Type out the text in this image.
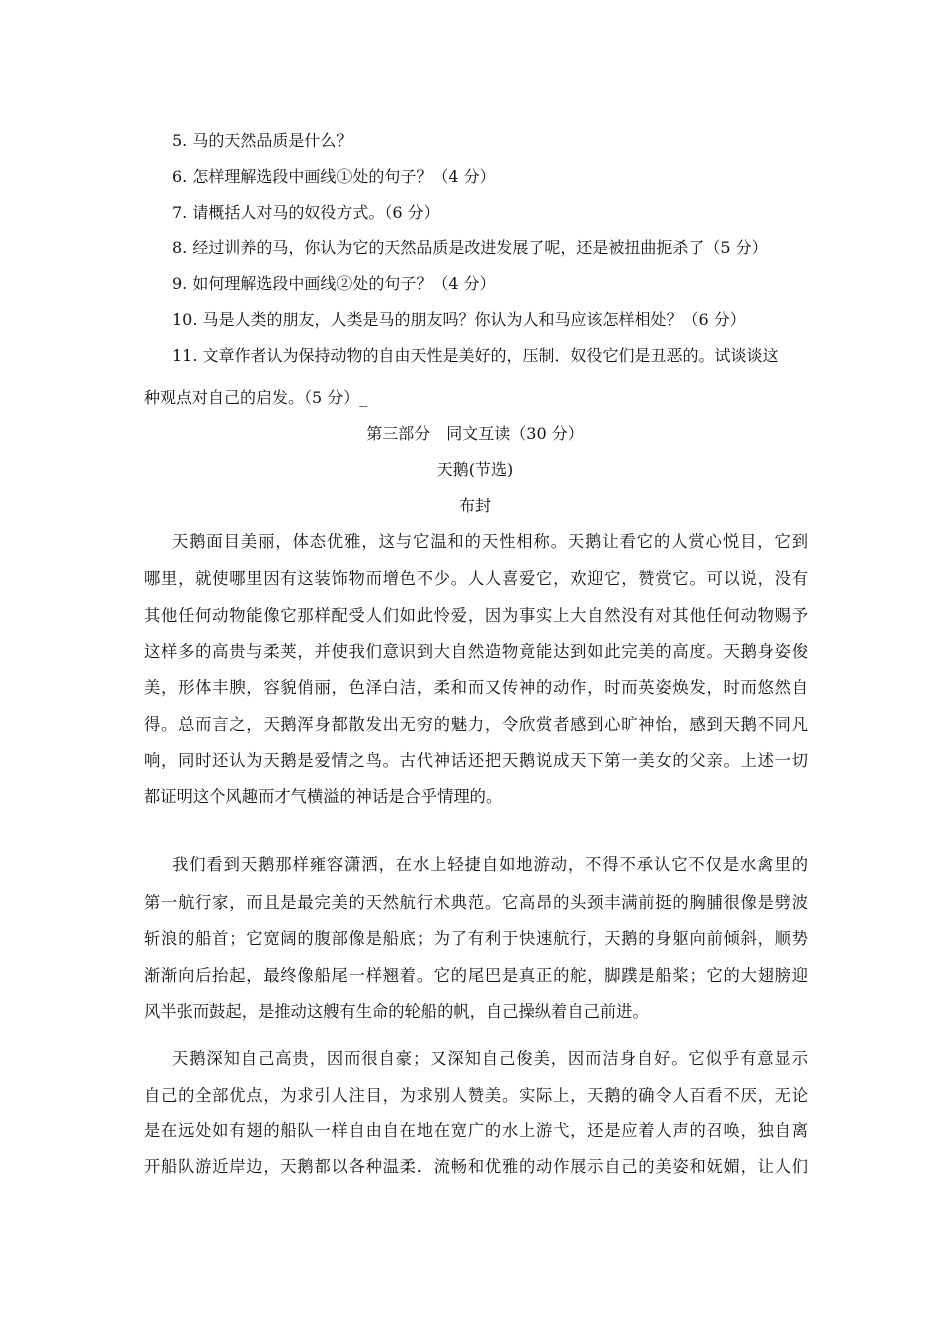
5. 马的天然品质是什么？
6. 怎样理解选段中画线①处的句子？（4 分）
7. 请概括人对马的奴役方式。（6 分）
8. 经过训养的马，你认为它的天然品质是改进发展了呢，还是被扭曲扼杀了（5 分）
9. 如何理解选段中画线②处的句子？（4 分）
10. 马是人类的朋友，人类是马的朋友吗？你认为人和马应该怎样相处？（6 分）
11. 文章作者认为保持动物的自由天性是美好的，压制．奴役它们是丑恶的。试谈谈这
种观点对自己的启发。（5 分）_
第三部分　同文互读（30 分）
天鹅(节选)
布封
天鹅面目美丽，体态优雅，这与它温和的天性相称。天鹅让看它的人赏心悦目，它到
哪里，就使哪里因有这装饰物而增色不少。人人喜爱它，欢迎它，赞赏它。可以说，没有
其他任何动物能像它那样配受人们如此怜爱，因为事实上大自然没有对其他任何动物赐予
这样多的高贵与柔荚，并使我们意识到大自然造物竟能达到如此完美的高度。天鹅身姿俊
美，形体丰腴，容貌俏丽，色泽白洁，柔和而又传神的动作，时而英姿焕发，时而悠然自
得。总而言之，天鹅浑身都散发出无穷的魅力，令欣赏者感到心旷神怡，感到天鹅不同凡
响，同时还认为天鹅是爱情之鸟。古代神话还把天鹅说成天下第一美女的父亲。上述一切
都证明这个风趣而才气横溢的神话是合乎情理的。
我们看到天鹅那样雍容潇洒，在水上轻捷自如地游动，不得不承认它不仅是水禽里的
第一航行家，而且是最完美的天然航行术典范。它高昂的头颈丰满前挺的胸脯很像是劈波
斩浪的船首；它宽阔的腹部像是船底；为了有利于快速航行，天鹅的身躯向前倾斜，顺势
渐渐向后抬起，最终像船尾一样翘着。它的尾巴是真正的舵，脚蹼是船桨；它的大翅膀迎
风半张而鼓起，是推动这艘有生命的轮船的帆，自己操纵着自己前进。
天鹅深知自己高贵，因而很自豪；又深知自己俊美，因而洁身自好。它似乎有意显示
自己的全部优点，为求引人注目，为求别人赞美。实际上，天鹅的确令人百看不厌，无论
是在远处如有翅的船队一样自由自在地在宽广的水上游弋，还是应着人声的召唤，独自离
开船队游近岸边，天鹅都以各种温柔．流畅和优雅的动作展示自己的美姿和妩媚，让人们
